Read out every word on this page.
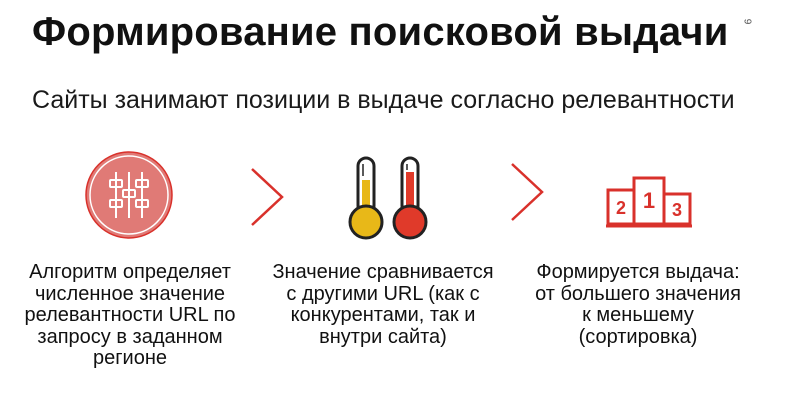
Формирование поисковой выдачи 9
Сайты занимают позиции в выдаче согласно релевантности
2 1 3
Алгоритм определяет численное значение релевантности URL по запросу в заданном регионе
Значение сравнивается с другими URL (как с конкурентами, так и внутри сайта)
Формируется выдача: от большего значения к меньшему (сортировка)
